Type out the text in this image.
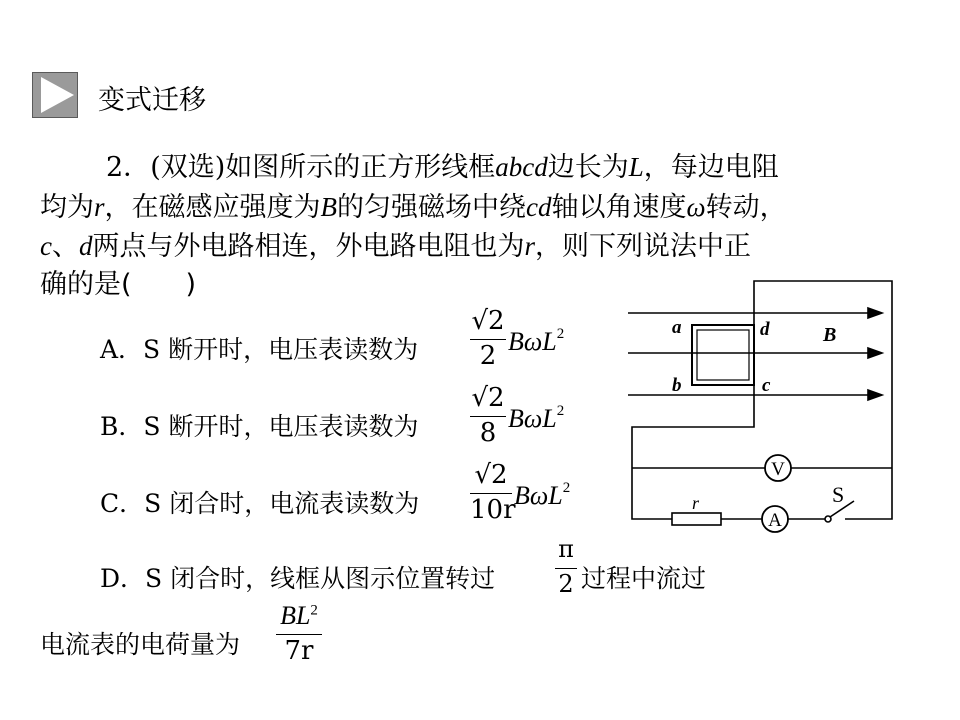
变式迁移
2．(双选)如图所示的正方形线框abcd边长为L，每边电阻
均为r，在磁感应强度为B的匀强磁场中绕cd轴以角速度ω转动，
c、d两点与外电路相连，外电路电阻也为r，则下列说法中正
确的是(　　)
A．S 断开时，电压表读数为
√2
2 BωL$^2$
B．S 断开时，电压表读数为
√2
8 BωL$^2$
C．S 闭合时，电流表读数为
√2
10r
BωL$^2$
D．S 闭合时，线框从图示位置转过
π
2 过程中流过
电流表的电荷量为
$BL^2$
7r
V
A
a	d
b	c
B
r	S
